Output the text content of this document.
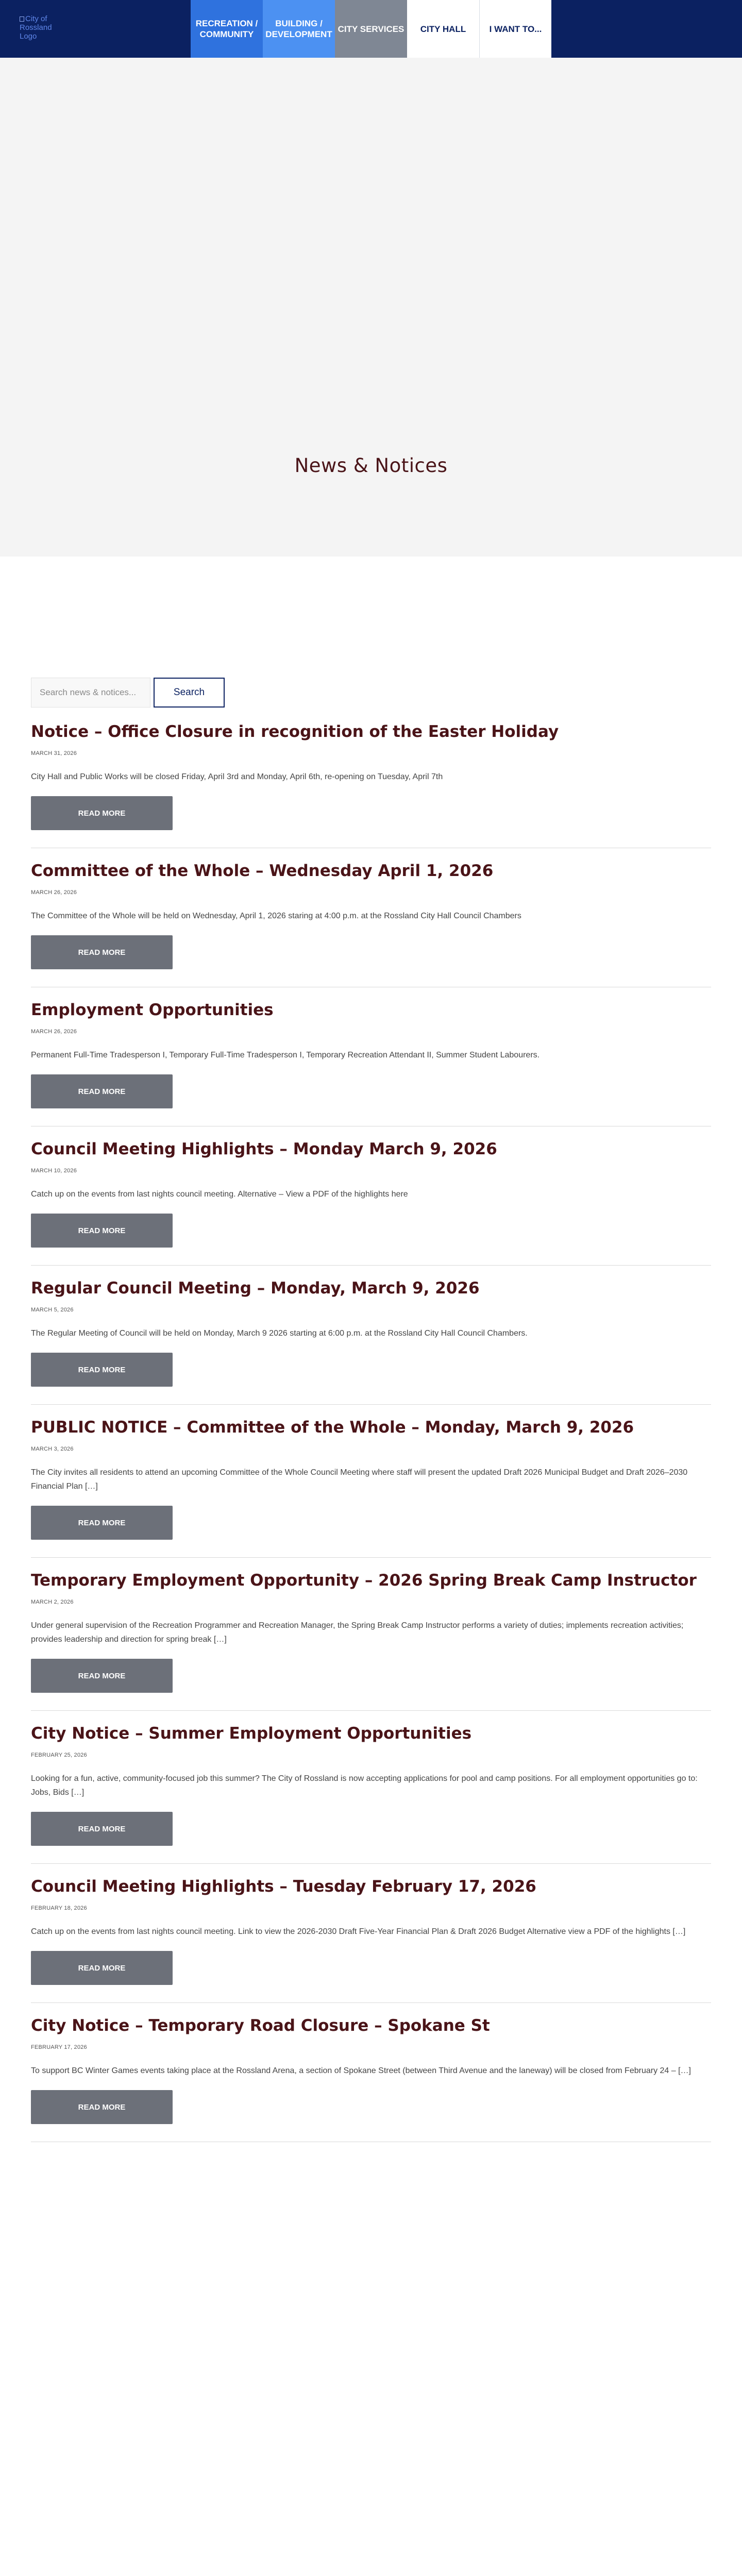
City of Rossland Logo
RECREATION / COMMUNITY
BUILDING / DEVELOPMENT
CITY SERVICES	CITY HALL	I WANT TO...
News & Notices
Search news & notices...
Search
Notice – Office Closure in recognition of the Easter Holiday
MARCH 31, 2026

City Hall and Public Works will be closed Friday, April 3rd and Monday, April 6th, re-opening on Tuesday, April 7th

READ MORE
Committee of the Whole – Wednesday April 1, 2026
MARCH 26, 2026

The Committee of the Whole will be held on Wednesday, April 1, 2026 staring at 4:00 p.m. at the Rossland City Hall Council Chambers

READ MORE
Employment Opportunities
MARCH 26, 2026

Permanent Full-Time Tradesperson I, Temporary Full-Time Tradesperson I, Temporary Recreation Attendant II, Summer Student Labourers.

READ MORE
Council Meeting Highlights – Monday March 9, 2026
MARCH 10, 2026

Catch up on the events from last nights council meeting. Alternative – View a PDF of the highlights here

READ MORE
Regular Council Meeting – Monday, March 9, 2026
MARCH 5, 2026

The Regular Meeting of Council will be held on Monday, March 9 2026 starting at 6:00 p.m. at the Rossland City Hall Council Chambers.

READ MORE
PUBLIC NOTICE – Committee of the Whole – Monday, March 9, 2026
MARCH 3, 2026

The City invites all residents to attend an upcoming Committee of the Whole Council Meeting where staff will present the updated Draft 2026 Municipal Budget and Draft 2026–2030 Financial Plan […]

READ MORE
Temporary Employment Opportunity – 2026 Spring Break Camp Instructor
MARCH 2, 2026

Under general supervision of the Recreation Programmer and Recreation Manager, the Spring Break Camp Instructor performs a variety of duties; implements recreation activities; provides leadership and direction for spring break […]

READ MORE
City Notice – Summer Employment Opportunities
FEBRUARY 25, 2026

Looking for a fun, active, community-focused job this summer? The City of Rossland is now accepting applications for pool and camp positions. For all employment opportunities go to: Jobs, Bids […]

READ MORE
Council Meeting Highlights – Tuesday February 17, 2026
FEBRUARY 18, 2026

Catch up on the events from last nights council meeting. Link to view the 2026-2030 Draft Five-Year Financial Plan & Draft 2026 Budget Alternative view a PDF of the highlights […]

READ MORE
City Notice – Temporary Road Closure – Spokane St
FEBRUARY 17, 2026

To support BC Winter Games events taking place at the Rossland Arena, a section of Spokane Street (between Third Avenue and the laneway) will be closed from February 24 – […]

READ MORE
